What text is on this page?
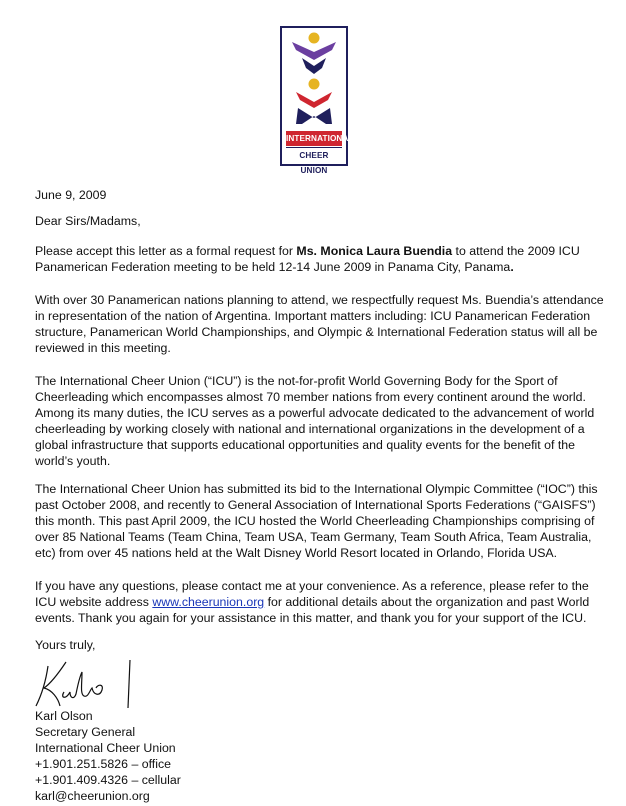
INTERNATIONAL
CHEER UNION
June 9, 2009
Dear Sirs/Madams,

Please accept this letter as a formal request for Ms. Monica Laura Buendia to attend the 2009 ICU Panamerican Federation meeting to be held 12-14 June 2009 in Panama City, Panama.

With over 30 Panamerican nations planning to attend, we respectfully request Ms. Buendia’s attendance in representation of the nation of Argentina. Important matters including: ICU Panamerican Federation structure, Panamerican World Championships, and Olympic & International Federation status will all be reviewed in this meeting.

The International Cheer Union (“ICU”) is the not-for-profit World Governing Body for the Sport of Cheerleading which encompasses almost 70 member nations from every continent around the world. Among its many duties, the ICU serves as a powerful advocate dedicated to the advancement of world cheerleading by working closely with national and international organizations in the development of a global infrastructure that supports educational opportunities and quality events for the benefit of the world’s youth.

The International Cheer Union has submitted its bid to the International Olympic Committee (“IOC”) this past October 2008, and recently to General Association of International Sports Federations (“GAISFS”) this month. This past April 2009, the ICU hosted the World Cheerleading Championships comprising of over 85 National Teams (Team China, Team USA, Team Germany, Team South Africa, Team Australia, etc) from over 45 nations held at the Walt Disney World Resort located in Orlando, Florida USA.

If you have any questions, please contact me at your convenience. As a reference, please refer to the ICU website address www.cheerunion.org for additional details about the organization and past World events. Thank you again for your assistance in this matter, and thank you for your support of the ICU.

Yours truly,
Karl Olson
Secretary General
International Cheer Union
+1.901.251.5826 – office
+1.901.409.4326 – cellular
karl@cheerunion.org
